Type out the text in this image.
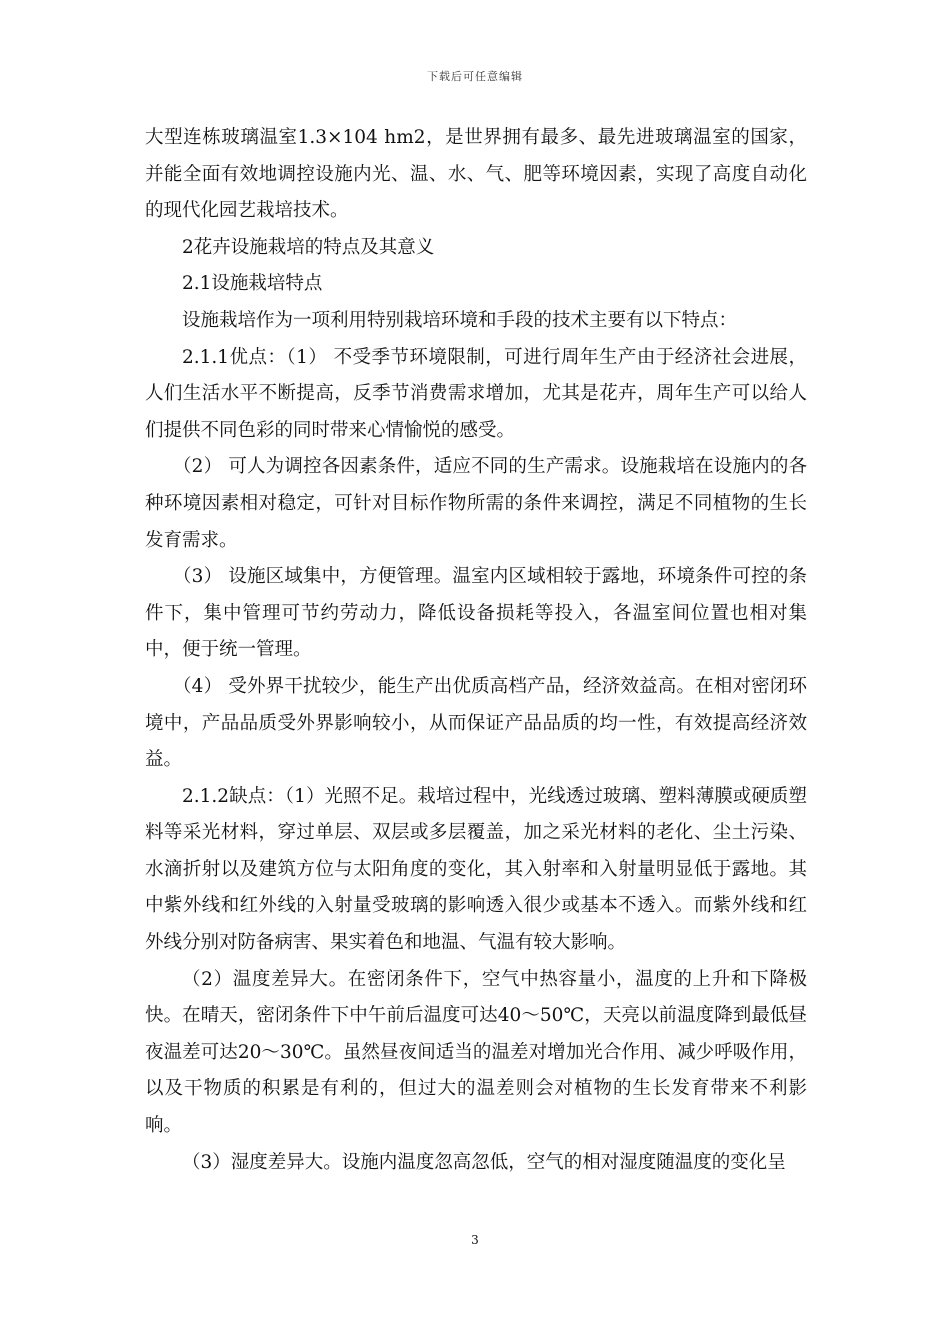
下载后可任意编辑

大型连栋玻璃温室1.3×104 hm2，是世界拥有最多、最先进玻璃温室的国家，并能全面有效地调控设施内光、温、水、气、肥等环境因素，实现了高度自动化的现代化园艺栽培技术。

2花卉设施栽培的特点及其意义

2.1设施栽培特点

设施栽培作为一项利用特别栽培环境和手段的技术主要有以下特点：

2.1.1优点：（1） 不受季节环境限制，可进行周年生产由于经济社会进展，人们生活水平不断提高，反季节消费需求增加，尤其是花卉，周年生产可以给人们提供不同色彩的同时带来心情愉悦的感受。

（2） 可人为调控各因素条件，适应不同的生产需求。设施栽培在设施内的各种环境因素相对稳定，可针对目标作物所需的条件来调控，满足不同植物的生长发育需求。

（3） 设施区域集中，方便管理。温室内区域相较于露地，环境条件可控的条件下，集中管理可节约劳动力，降低设备损耗等投入，各温室间位置也相对集中，便于统一管理。

（4） 受外界干扰较少，能生产出优质高档产品，经济效益高。在相对密闭环境中，产品品质受外界影响较小，从而保证产品品质的均一性，有效提高经济效益。

2.1.2缺点：（1）光照不足。栽培过程中，光线透过玻璃、塑料薄膜或硬质塑料等采光材料，穿过单层、双层或多层覆盖，加之采光材料的老化、尘土污染、水滴折射以及建筑方位与太阳角度的变化，其入射率和入射量明显低于露地。其中紫外线和红外线的入射量受玻璃的影响透入很少或基本不透入。而紫外线和红外线分别对防备病害、果实着色和地温、气温有较大影响。

（2）温度差异大。在密闭条件下，空气中热容量小，温度的上升和下降极快。在晴天，密闭条件下中午前后温度可达40～50℃，天亮以前温度降到最低昼夜温差可达20～30℃。虽然昼夜间适当的温差对增加光合作用、减少呼吸作用，以及干物质的积累是有利的，但过大的温差则会对植物的生长发育带来不利影响。

（3）湿度差异大。设施内温度忽高忽低，空气的相对湿度随温度的变化呈

3
